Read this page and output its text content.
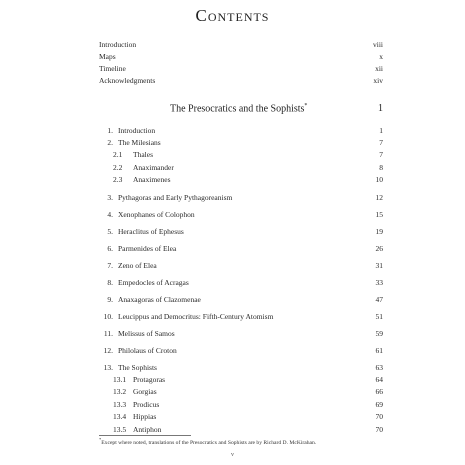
Contents
Introduction	viii
Maps	x
Timeline	xii
Acknowledgments	xiv
The Presocratics and the Sophists*	1
1. Introduction	1
2. The Milesians	7
2.1	Thales	7
2.2	Anaximander	8
2.3	Anaximenes	10
3. Pythagoras and Early Pythagoreanism	12
4. Xenophanes of Colophon	15
5. Heraclitus of Ephesus	19
6. Parmenides of Elea	26
7. Zeno of Elea	31
8. Empedocles of Acragas	33
9. Anaxagoras of Clazomenae	47
10. Leucippus and Democritus: Fifth-Century Atomism	51
11. Melissus of Samos	59
12. Philolaus of Croton	61
13. The Sophists	63
13.1 Protagoras	64
13.2 Gorgias	66
13.3 Prodicus	69
13.4 Hippias	70
13.5 Antiphon	70
*Except where noted, translations of the Presocratics and Sophists are by Richard D. McKirahan.
v
